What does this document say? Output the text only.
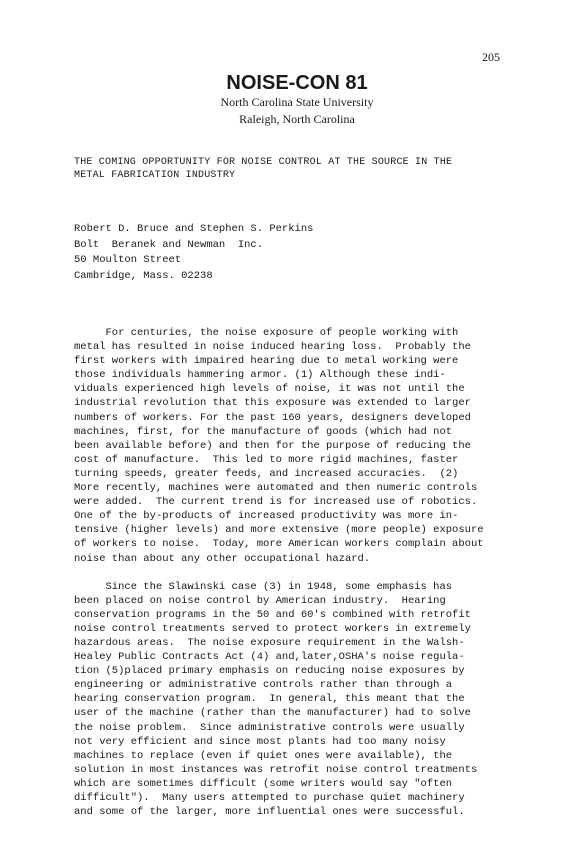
205
NOISE-CON 81
North Carolina State University
Raleigh, North Carolina
THE COMING OPPORTUNITY FOR NOISE CONTROL AT THE SOURCE IN THE
METAL FABRICATION INDUSTRY
Robert D. Bruce and Stephen S. Perkins
Bolt  Beranek and Newman  Inc.
50 Moulton Street
Cambridge, Mass. 02238
For centuries, the noise exposure of people working with
metal has resulted in noise induced hearing loss.  Probably the
first workers with impaired hearing due to metal working were
those individuals hammering armor. (1) Although these indi-
viduals experienced high levels of noise, it was not until the
industrial revolution that this exposure was extended to larger
numbers of workers. For the past 160 years, designers developed
machines, first, for the manufacture of goods (which had not
been available before) and then for the purpose of reducing the
cost of manufacture.  This led to more rigid machines, faster
turning speeds, greater feeds, and increased accuracies.  (2)
More recently, machines were automated and then numeric controls
were added.  The current trend is for increased use of robotics.
One of the by-products of increased productivity was more in-
tensive (higher levels) and more extensive (more people) exposure
of workers to noise.  Today, more American workers complain about
noise than about any other occupational hazard.
Since the Slawinski case (3) in 1948, some emphasis has
been placed on noise control by American industry.  Hearing
conservation programs in the 50 and 60's combined with retrofit
noise control treatments served to protect workers in extremely
hazardous areas.  The noise exposure requirement in the Walsh-
Healey Public Contracts Act (4) and,later,OSHA's noise regula-
tion (5)placed primary emphasis on reducing noise exposures by
engineering or administrative controls rather than through a
hearing conservation program.  In general, this meant that the
user of the machine (rather than the manufacturer) had to solve
the noise problem.  Since administrative controls were usually
not very efficient and since most plants had too many noisy
machines to replace (even if quiet ones were available), the
solution in most instances was retrofit noise control treatments
which are sometimes difficult (some writers would say "often
difficult").  Many users attempted to purchase quiet machinery
and some of the larger, more influential ones were successful.
